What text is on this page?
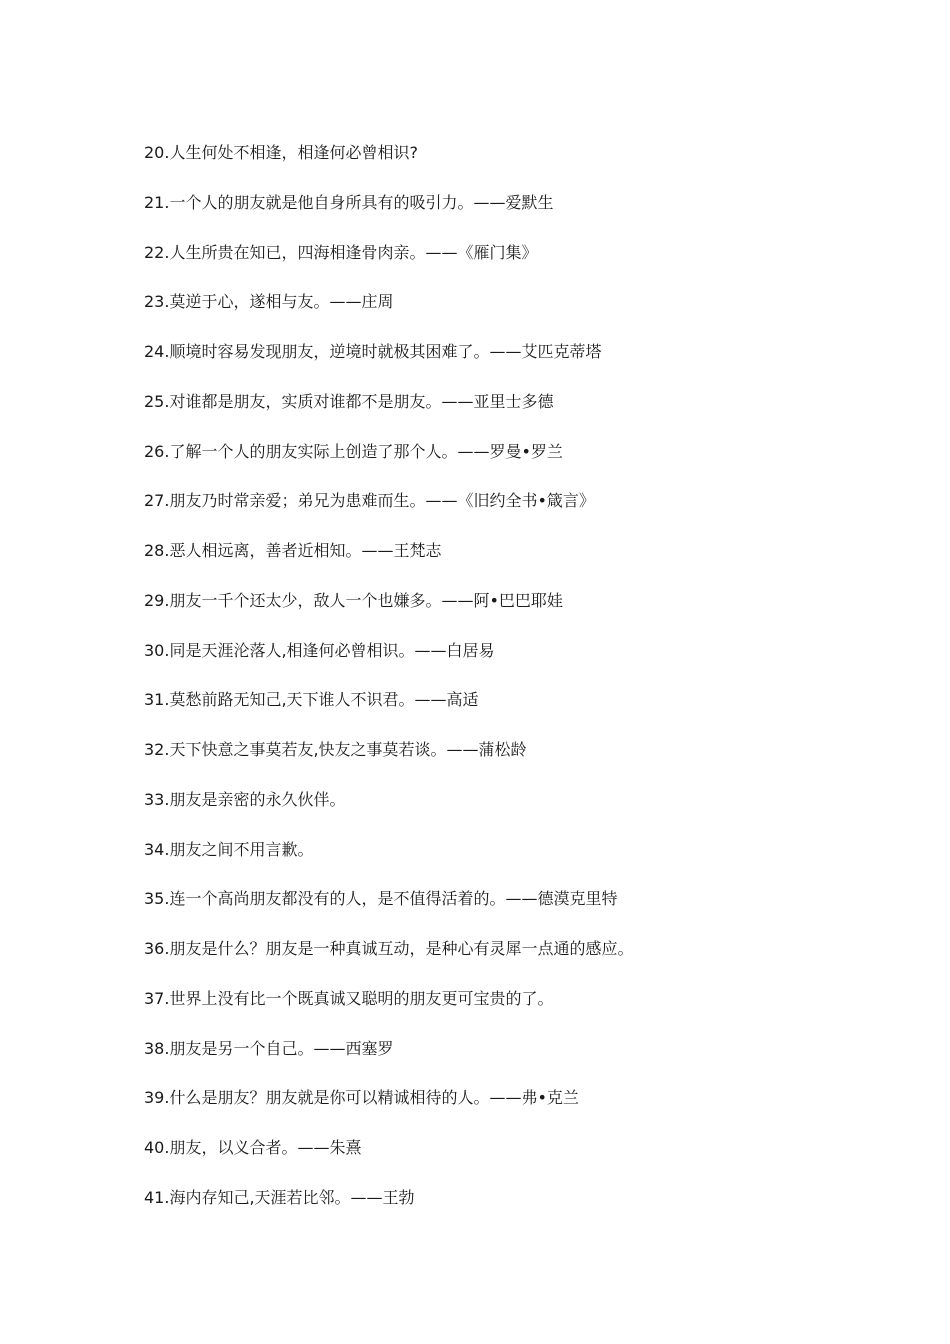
20.人生何处不相逢，相逢何必曾相识?
21.一个人的朋友就是他自身所具有的吸引力。——爱默生
22.人生所贵在知已，四海相逢骨肉亲。——《雁门集》
23.莫逆于心，遂相与友。——庄周
24.顺境时容易发现朋友，逆境时就极其困难了。——艾匹克蒂塔
25.对谁都是朋友，实质对谁都不是朋友。——亚里士多德
26.了解一个人的朋友实际上创造了那个人。——罗曼•罗兰
27.朋友乃时常亲爱；弟兄为患难而生。——《旧约全书•箴言》
28.恶人相远离，善者近相知。——王梵志
29.朋友一千个还太少，敌人一个也嫌多。——阿•巴巴耶娃
30.同是天涯沦落人,相逢何必曾相识。——白居易
31.莫愁前路无知己,天下谁人不识君。——高适
32.天下快意之事莫若友,快友之事莫若谈。——蒲松龄
33.朋友是亲密的永久伙伴。
34.朋友之间不用言歉。
35.连一个高尚朋友都没有的人，是不值得活着的。——德漠克里特
36.朋友是什么？朋友是一种真诚互动，是种心有灵犀一点通的感应。
37.世界上没有比一个既真诚又聪明的朋友更可宝贵的了。
38.朋友是另一个自己。——西塞罗
39.什么是朋友？朋友就是你可以精诚相待的人。——弗•克兰
40.朋友，以义合者。——朱熹
41.海内存知己,天涯若比邻。——王勃
